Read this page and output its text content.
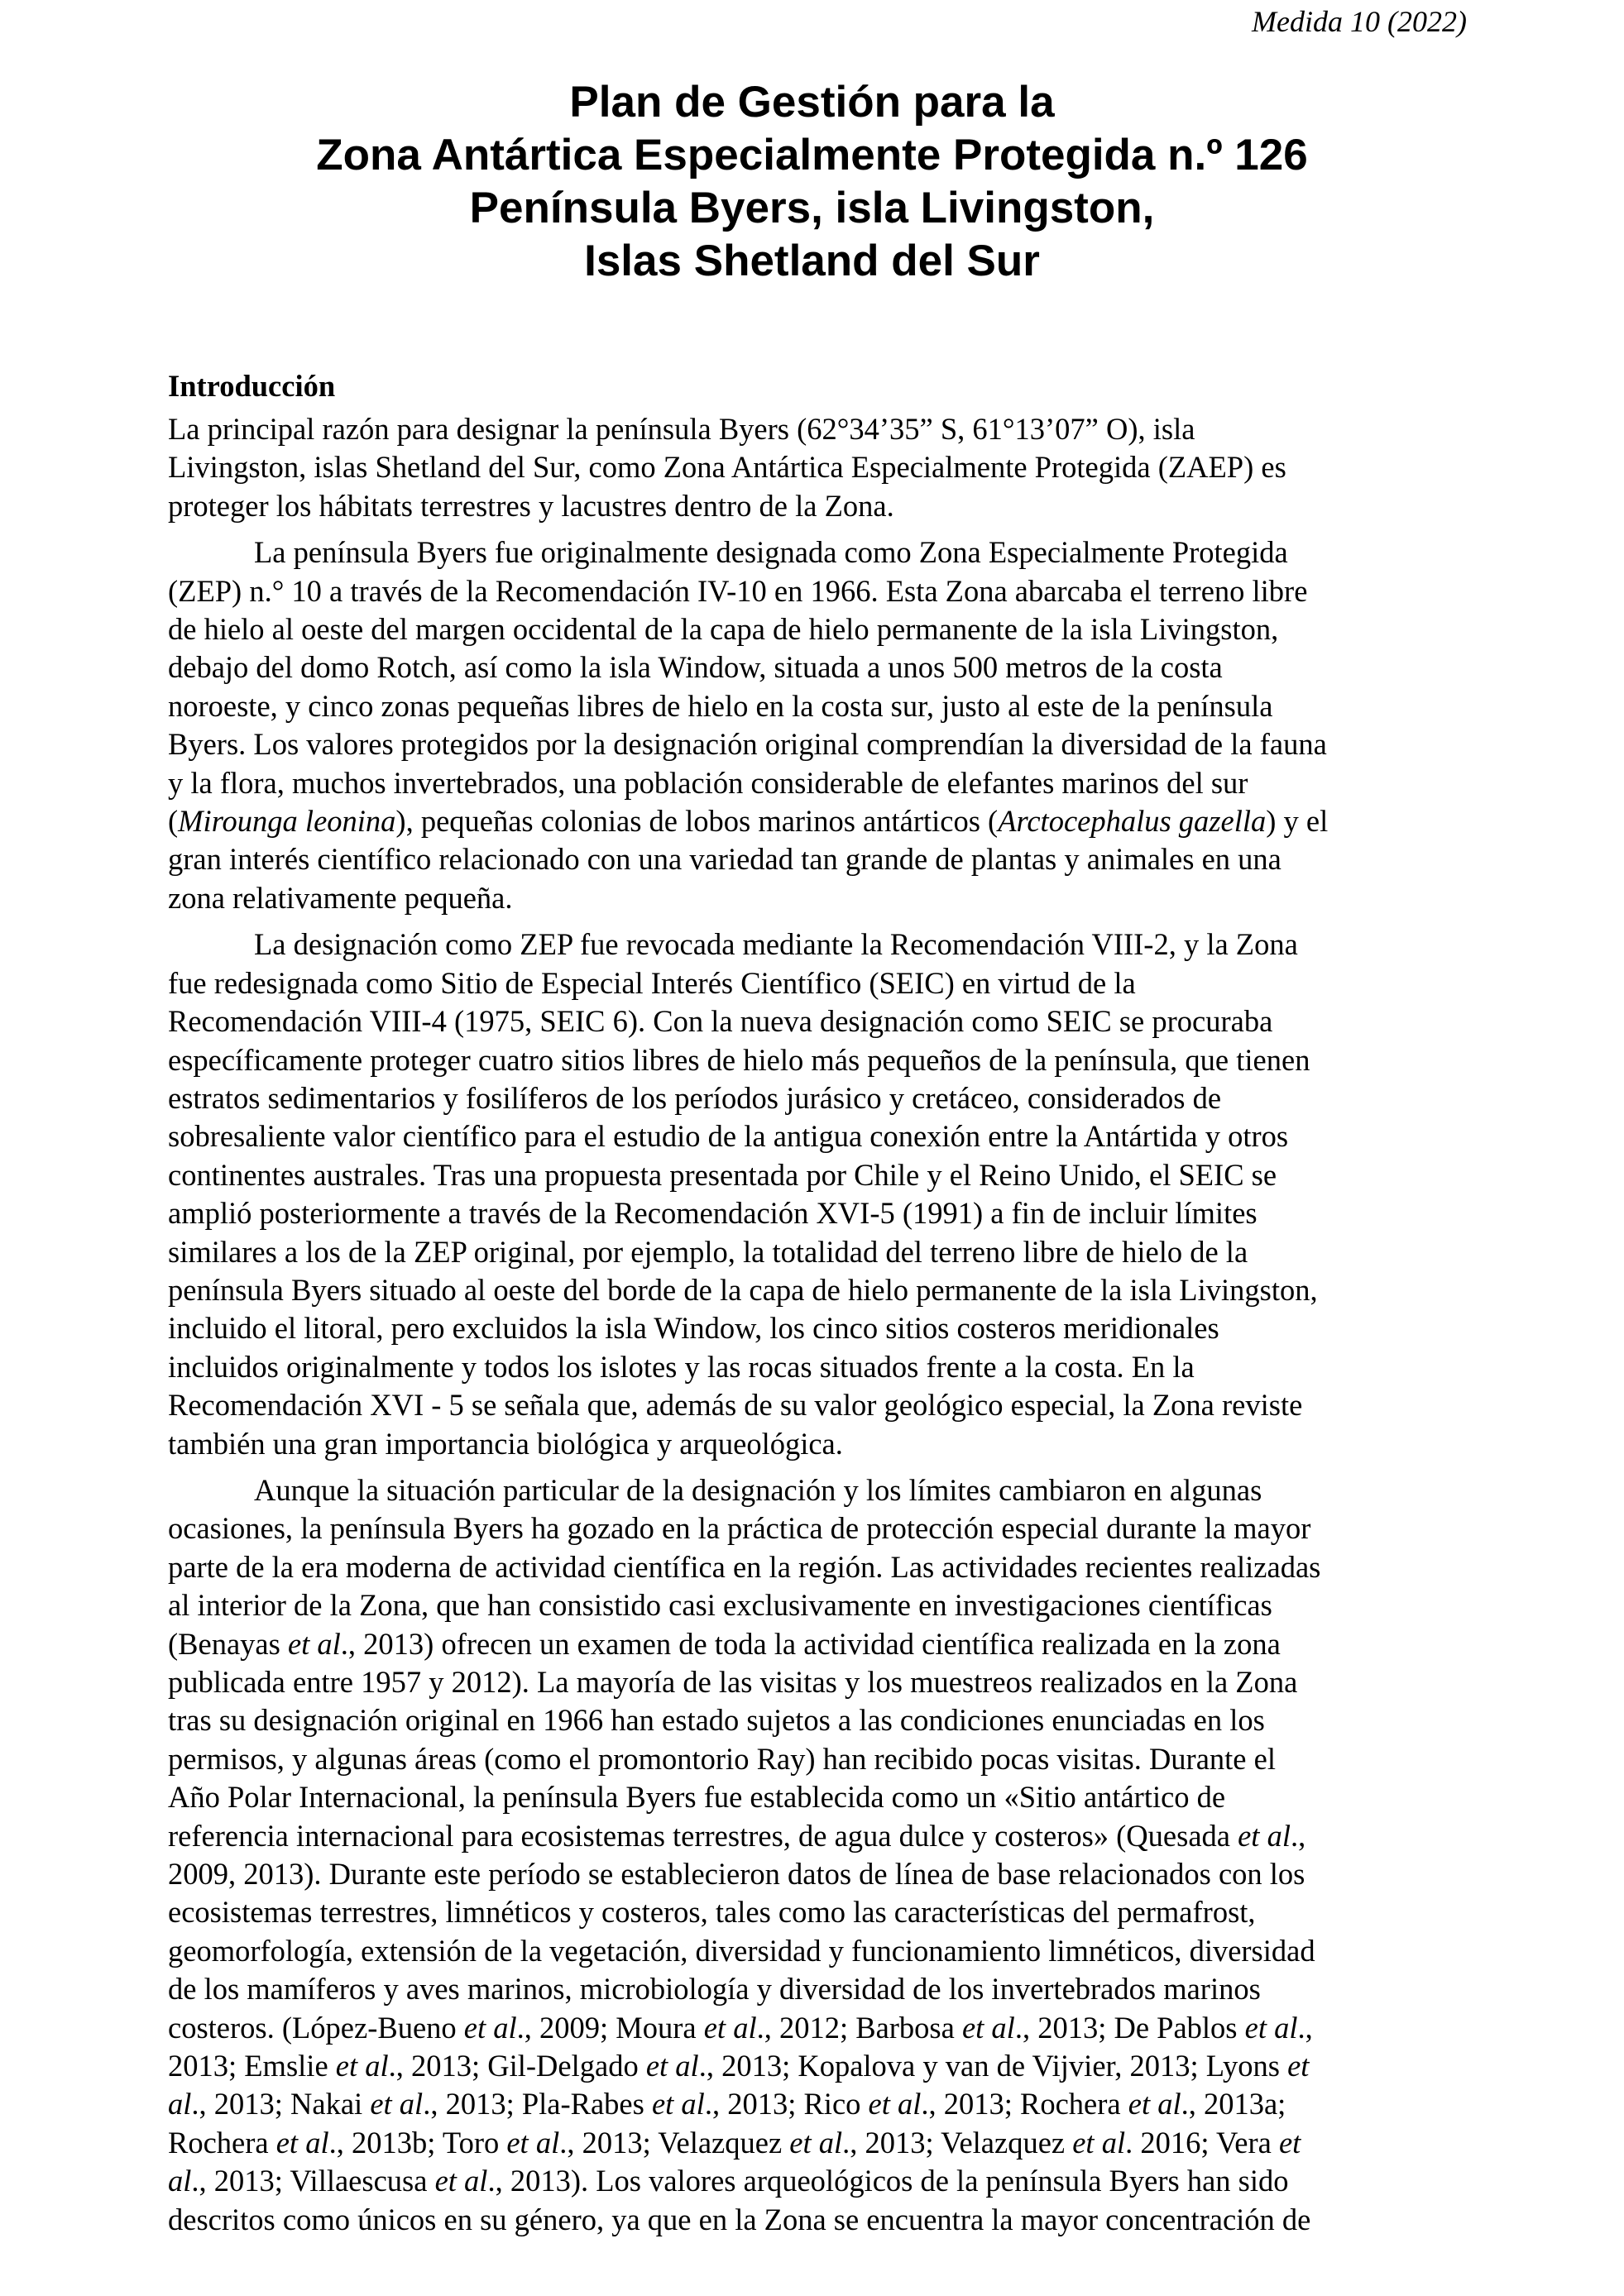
Medida 10 (2022)
Plan de Gestión para la
Zona Antártica Especialmente Protegida n.º 126
Península Byers, isla Livingston,
Islas Shetland del Sur
Introducción
La principal razón para designar la península Byers (62°34’35” S, 61°13’07” O), isla
Livingston, islas Shetland del Sur, como Zona Antártica Especialmente Protegida (ZAEP) es
proteger los hábitats terrestres y lacustres dentro de la Zona.
La península Byers fue originalmente designada como Zona Especialmente Protegida
(ZEP) n.° 10 a través de la Recomendación IV-10 en 1966. Esta Zona abarcaba el terreno libre
de hielo al oeste del margen occidental de la capa de hielo permanente de la isla Livingston,
debajo del domo Rotch, así como la isla Window, situada a unos 500 metros de la costa
noroeste, y cinco zonas pequeñas libres de hielo en la costa sur, justo al este de la península
Byers. Los valores protegidos por la designación original comprendían la diversidad de la fauna
y la flora, muchos invertebrados, una población considerable de elefantes marinos del sur
(Mirounga leonina), pequeñas colonias de lobos marinos antárticos (Arctocephalus gazella) y el
gran interés científico relacionado con una variedad tan grande de plantas y animales en una
zona relativamente pequeña.
La designación como ZEP fue revocada mediante la Recomendación VIII-2, y la Zona
fue redesignada como Sitio de Especial Interés Científico (SEIC) en virtud de la
Recomendación VIII-4 (1975, SEIC 6). Con la nueva designación como SEIC se procuraba
específicamente proteger cuatro sitios libres de hielo más pequeños de la península, que tienen
estratos sedimentarios y fosilíferos de los períodos jurásico y cretáceo, considerados de
sobresaliente valor científico para el estudio de la antigua conexión entre la Antártida y otros
continentes australes. Tras una propuesta presentada por Chile y el Reino Unido, el SEIC se
amplió posteriormente a través de la Recomendación XVI-5 (1991) a fin de incluir límites
similares a los de la ZEP original, por ejemplo, la totalidad del terreno libre de hielo de la
península Byers situado al oeste del borde de la capa de hielo permanente de la isla Livingston,
incluido el litoral, pero excluidos la isla Window, los cinco sitios costeros meridionales
incluidos originalmente y todos los islotes y las rocas situados frente a la costa. En la
Recomendación XVI - 5 se señala que, además de su valor geológico especial, la Zona reviste
también una gran importancia biológica y arqueológica.
Aunque la situación particular de la designación y los límites cambiaron en algunas
ocasiones, la península Byers ha gozado en la práctica de protección especial durante la mayor
parte de la era moderna de actividad científica en la región. Las actividades recientes realizadas
al interior de la Zona, que han consistido casi exclusivamente en investigaciones científicas
(Benayas et al., 2013) ofrecen un examen de toda la actividad científica realizada en la zona
publicada entre 1957 y 2012). La mayoría de las visitas y los muestreos realizados en la Zona
tras su designación original en 1966 han estado sujetos a las condiciones enunciadas en los
permisos, y algunas áreas (como el promontorio Ray) han recibido pocas visitas. Durante el
Año Polar Internacional, la península Byers fue establecida como un «Sitio antártico de
referencia internacional para ecosistemas terrestres, de agua dulce y costeros» (Quesada et al.,
2009, 2013). Durante este período se establecieron datos de línea de base relacionados con los
ecosistemas terrestres, limnéticos y costeros, tales como las características del permafrost,
geomorfología, extensión de la vegetación, diversidad y funcionamiento limnéticos, diversidad
de los mamíferos y aves marinos, microbiología y diversidad de los invertebrados marinos
costeros. (López-Bueno et al., 2009; Moura et al., 2012; Barbosa et al., 2013; De Pablos et al.,
2013; Emslie et al., 2013; Gil-Delgado et al., 2013; Kopalova y van de Vijvier, 2013; Lyons et
al., 2013; Nakai et al., 2013; Pla-Rabes et al., 2013; Rico et al., 2013; Rochera et al., 2013a;
Rochera et al., 2013b; Toro et al., 2013; Velazquez et al., 2013; Velazquez et al. 2016; Vera et
al., 2013; Villaescusa et al., 2013). Los valores arqueológicos de la península Byers han sido
descritos como únicos en su género, ya que en la Zona se encuentra la mayor concentración de
